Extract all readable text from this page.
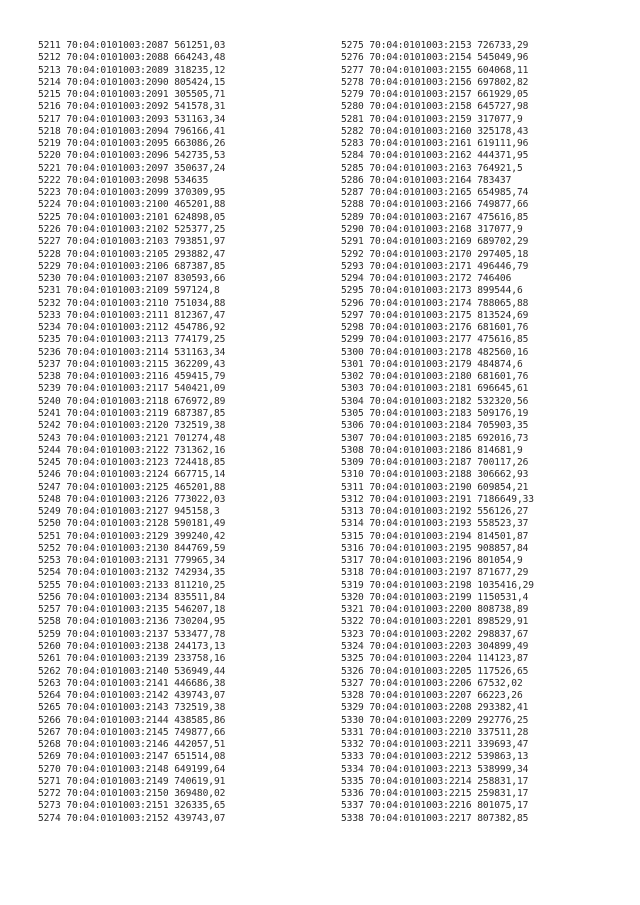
5211 70:04:0101003:2087 561251,03
5212 70:04:0101003:2088 664243,48
5213 70:04:0101003:2089 318235,12
5214 70:04:0101003:2090 805424,15
5215 70:04:0101003:2091 305505,71
5216 70:04:0101003:2092 541578,31
5217 70:04:0101003:2093 531163,34
5218 70:04:0101003:2094 796166,41
5219 70:04:0101003:2095 663086,26
5220 70:04:0101003:2096 542735,53
5221 70:04:0101003:2097 350637,24
5222 70:04:0101003:2098 534635
5223 70:04:0101003:2099 370309,95
5224 70:04:0101003:2100 465201,88
5225 70:04:0101003:2101 624898,05
5226 70:04:0101003:2102 525377,25
5227 70:04:0101003:2103 793851,97
5228 70:04:0101003:2105 293882,47
5229 70:04:0101003:2106 687387,85
5230 70:04:0101003:2107 830593,66
5231 70:04:0101003:2109 597124,8
5232 70:04:0101003:2110 751034,88
5233 70:04:0101003:2111 812367,47
5234 70:04:0101003:2112 454786,92
5235 70:04:0101003:2113 774179,25
5236 70:04:0101003:2114 531163,34
5237 70:04:0101003:2115 362209,43
5238 70:04:0101003:2116 459415,79
5239 70:04:0101003:2117 540421,09
5240 70:04:0101003:2118 676972,89
5241 70:04:0101003:2119 687387,85
5242 70:04:0101003:2120 732519,38
5243 70:04:0101003:2121 701274,48
5244 70:04:0101003:2122 731362,16
5245 70:04:0101003:2123 724418,85
5246 70:04:0101003:2124 667715,14
5247 70:04:0101003:2125 465201,88
5248 70:04:0101003:2126 773022,03
5249 70:04:0101003:2127 945158,3
5250 70:04:0101003:2128 590181,49
5251 70:04:0101003:2129 399240,42
5252 70:04:0101003:2130 844769,59
5253 70:04:0101003:2131 779965,34
5254 70:04:0101003:2132 742934,35
5255 70:04:0101003:2133 811210,25
5256 70:04:0101003:2134 835511,84
5257 70:04:0101003:2135 546207,18
5258 70:04:0101003:2136 730204,95
5259 70:04:0101003:2137 533477,78
5260 70:04:0101003:2138 244173,13
5261 70:04:0101003:2139 233758,16
5262 70:04:0101003:2140 536949,44
5263 70:04:0101003:2141 446686,38
5264 70:04:0101003:2142 439743,07
5265 70:04:0101003:2143 732519,38
5266 70:04:0101003:2144 438585,86
5267 70:04:0101003:2145 749877,66
5268 70:04:0101003:2146 442057,51
5269 70:04:0101003:2147 651514,08
5270 70:04:0101003:2148 649199,64
5271 70:04:0101003:2149 740619,91
5272 70:04:0101003:2150 369480,02
5273 70:04:0101003:2151 326335,65
5274 70:04:0101003:2152 439743,07
5275 70:04:0101003:2153 726733,29
5276 70:04:0101003:2154 545049,96
5277 70:04:0101003:2155 604068,11
5278 70:04:0101003:2156 697802,82
5279 70:04:0101003:2157 661929,05
5280 70:04:0101003:2158 645727,98
5281 70:04:0101003:2159 317077,9
5282 70:04:0101003:2160 325178,43
5283 70:04:0101003:2161 619111,96
5284 70:04:0101003:2162 444371,95
5285 70:04:0101003:2163 764921,5
5286 70:04:0101003:2164 783437
5287 70:04:0101003:2165 654985,74
5288 70:04:0101003:2166 749877,66
5289 70:04:0101003:2167 475616,85
5290 70:04:0101003:2168 317077,9
5291 70:04:0101003:2169 689702,29
5292 70:04:0101003:2170 297405,18
5293 70:04:0101003:2171 496446,79
5294 70:04:0101003:2172 746406
5295 70:04:0101003:2173 899544,6
5296 70:04:0101003:2174 788065,88
5297 70:04:0101003:2175 813524,69
5298 70:04:0101003:2176 681601,76
5299 70:04:0101003:2177 475616,85
5300 70:04:0101003:2178 482560,16
5301 70:04:0101003:2179 484874,6
5302 70:04:0101003:2180 681601,76
5303 70:04:0101003:2181 696645,61
5304 70:04:0101003:2182 532320,56
5305 70:04:0101003:2183 509176,19
5306 70:04:0101003:2184 705903,35
5307 70:04:0101003:2185 692016,73
5308 70:04:0101003:2186 814681,9
5309 70:04:0101003:2187 700117,26
5310 70:04:0101003:2188 306662,93
5311 70:04:0101003:2190 609854,21
5312 70:04:0101003:2191 7186649,33
5313 70:04:0101003:2192 556126,27
5314 70:04:0101003:2193 558523,37
5315 70:04:0101003:2194 814501,87
5316 70:04:0101003:2195 908857,84
5317 70:04:0101003:2196 801054,9
5318 70:04:0101003:2197 871677,29
5319 70:04:0101003:2198 1035416,29
5320 70:04:0101003:2199 1150531,4
5321 70:04:0101003:2200 808738,89
5322 70:04:0101003:2201 898529,91
5323 70:04:0101003:2202 298837,67
5324 70:04:0101003:2203 304899,49
5325 70:04:0101003:2204 114123,87
5326 70:04:0101003:2205 117526,65
5327 70:04:0101003:2206 67532,02
5328 70:04:0101003:2207 66223,26
5329 70:04:0101003:2208 293382,41
5330 70:04:0101003:2209 292776,25
5331 70:04:0101003:2210 337511,28
5332 70:04:0101003:2211 339693,47
5333 70:04:0101003:2212 539863,13
5334 70:04:0101003:2213 538999,34
5335 70:04:0101003:2214 258831,17
5336 70:04:0101003:2215 259831,17
5337 70:04:0101003:2216 801075,17
5338 70:04:0101003:2217 807382,85
